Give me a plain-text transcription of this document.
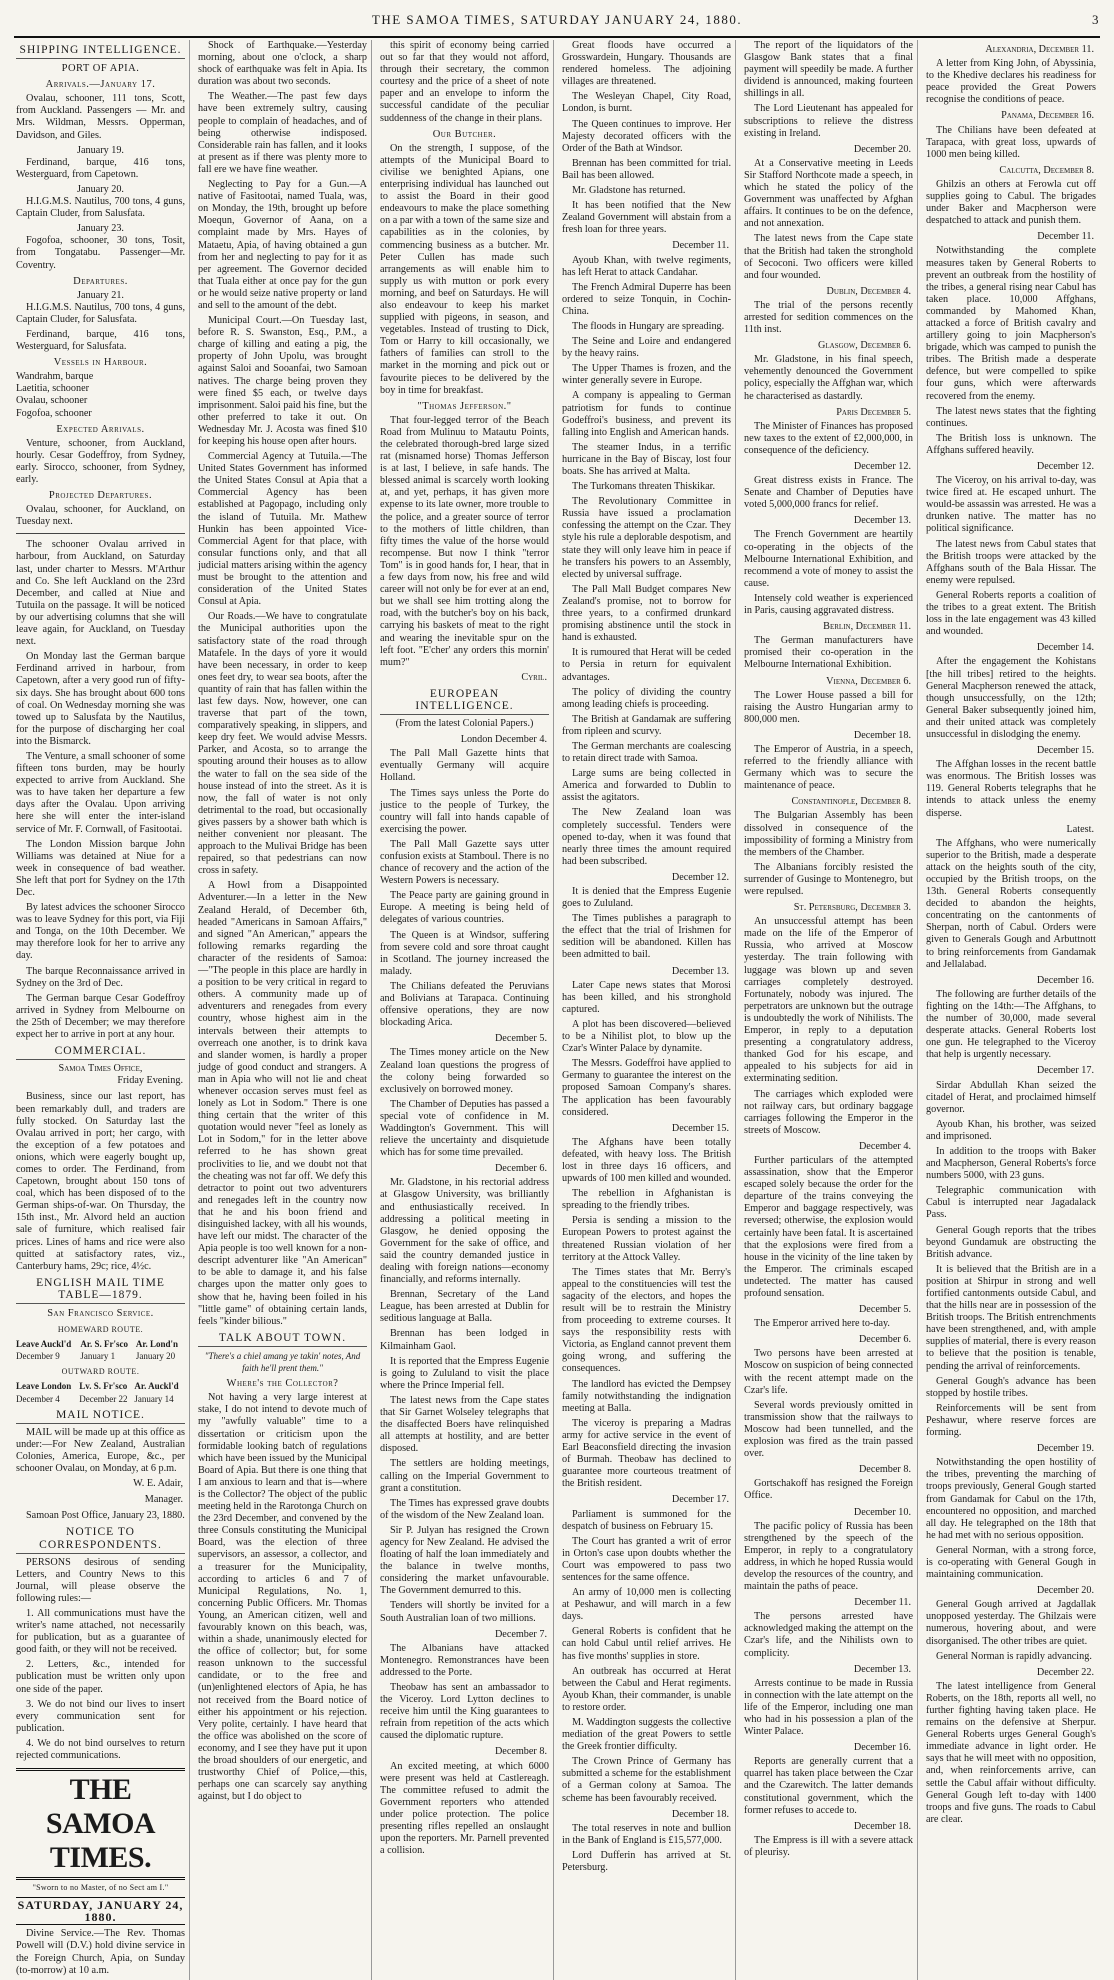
THE SAMOA TIMES, SATURDAY JANUARY 24, 1880.	3
SHIPPING INTELLIGENCE.
PORT OF APIA.
Arrivals.—January 17.

Ovalau, schooner, 111 tons, Scott, from Auckland. Passengers — Mr. and Mrs. Wildman, Messrs. Opperman, Davidson, and Giles.

January 19.

Ferdinand, barque, 416 tons, Westerguard, from Capetown.

January 20.

H.I.G.M.S. Nautilus, 700 tons, 4 guns, Captain Cluder, from Salusfata.

January 23.

Fogofoa, schooner, 30 tons, Tosit, from Tongatabu. Passenger—Mr. Coventry.

Departures.
January 21.

H.I.G.M.S. Nautilus, 700 tons, 4 guns, Captain Cluder, for Salusfata.

Ferdinand, barque, 416 tons, Westerguard, for Salusfata.

Vessels in Harbour.
Wandrahm, barque
Laetitia, schooner
Ovalau, schooner
Fogofoa, schooner
Expected Arrivals.

Venture, schooner, from Auckland, hourly. Cesar Godeffroy, from Sydney, early. Sirocco, schooner, from Sydney, early.

Projected Departures.

Ovalau, schooner, for Auckland, on Tuesday next.

The schooner Ovalau arrived in harbour, from Auckland, on Saturday last, under charter to Messrs. M'Arthur and Co. She left Auckland on the 23rd December, and called at Niue and Tutuila on the passage. It will be noticed by our advertising columns that she will leave again, for Auckland, on Tuesday next.

On Monday last the German barque Ferdinand arrived in harbour, from Capetown, after a very good run of fifty-six days. She has brought about 600 tons of coal. On Wednesday morning she was towed up to Salusfata by the Nautilus, for the purpose of discharging her coal into the Bismarck.

The Venture, a small schooner of some fifteen tons burden, may be hourly expected to arrive from Auckland. She was to have taken her departure a few days after the Ovalau. Upon arriving here she will enter the inter-island service of Mr. F. Cornwall, of Fasitootai.

The London Mission barque John Williams was detained at Niue for a week in consequence of bad weather. She left that port for Sydney on the 17th Dec.

By latest advices the schooner Sirocco was to leave Sydney for this port, via Fiji and Tonga, on the 10th December. We may therefore look for her to arrive any day.

The barque Reconnaissance arrived in Sydney on the 3rd of Dec.

The German barque Cesar Godeffroy arrived in Sydney from Melbourne on the 25th of December; we may therefore expect her to arrive in port at any hour.

COMMERCIAL.
Samoa Times Office,
Friday Evening.

Business, since our last report, has been remarkably dull, and traders are fully stocked. On Saturday last the Ovalau arrived in port; her cargo, with the exception of a few potatoes and onions, which were eagerly bought up, comes to order. The Ferdinand, from Capetown, brought about 150 tons of coal, which has been disposed of to the German ships-of-war. On Thursday, the 15th inst., Mr. Alvord held an auction sale of furniture, which realised fair prices. Lines of hams and rice were also quitted at satisfactory rates, viz., Canterbury hams, 29c; rice, 4½c.

ENGLISH MAIL TIME TABLE—1879.
San Francisco Service.
HOMEWARD ROUTE.
Leave Auckl'd	Ar. S. Fr'sco	Ar. Lond'n
December 9	January 1	January 20
OUTWARD ROUTE.
Leave London	Lv. S. Fr'sco	Ar. Auckl'd
December 4	December 22	January 14
MAIL NOTICE.

MAIL will be made up at this office as under:—For New Zealand, Australian Colonies, America, Europe, &c., per schooner Ovalau, on Monday, at 6 p.m.

W. E. Adair,
Manager.

Samoan Post Office, January 23, 1880.

NOTICE TO CORRESPONDENTS.

PERSONS desirous of sending Letters, and Country News to this Journal, will please observe the following rules:—

1. All communications must have the writer's name attached, not necessarily for publication, but as a guarantee of good faith, or they will not be received.

2. Letters, &c., intended for publication must be written only upon one side of the paper.

3. We do not bind our lives to insert every communication sent for publication.

4. We do not bind ourselves to return rejected communications.

THE SAMOA TIMES.
"Sworn to no Master, of no Sect am I."
SATURDAY, JANUARY 24, 1880.

Divine Service.—The Rev. Thomas Powell will (D.V.) hold divine service in the Foreign Church, Apia, on Sunday (to-morrow) at 10 a.m.

Shock of Earthquake.—Yesterday morning, about one o'clock, a sharp shock of earthquake was felt in Apia. Its duration was about two seconds.

The Weather.—The past few days have been extremely sultry, causing people to complain of headaches, and of being otherwise indisposed. Considerable rain has fallen, and it looks at present as if there was plenty more to fall ere we have fine weather.

Neglecting to Pay for a Gun.—A native of Fasitootai, named Tuala, was, on Monday, the 19th, brought up before Moequn, Governor of Aana, on a complaint made by Mrs. Hayes of Mataetu, Apia, of having obtained a gun from her and neglecting to pay for it as per agreement. The Governor decided that Tuala either at once pay for the gun or he would seize native property or land and sell to the amount of the debt.

Municipal Court.—On Tuesday last, before R. S. Swanston, Esq., P.M., a charge of killing and eating a pig, the property of John Upolu, was brought against Saloi and Sooanfai, two Samoan natives. The charge being proven they were fined $5 each, or twelve days imprisonment. Saloi paid his fine, but the other preferred to take it out. On Wednesday Mr. J. Acosta was fined $10 for keeping his house open after hours.

Commercial Agency at Tutuila.—The United States Government has informed the United States Consul at Apia that a Commercial Agency has been established at Pagopago, including only the island of Tutuila. Mr. Mathew Hunkin has been appointed Vice-Commercial Agent for that place, with consular functions only, and that all judicial matters arising within the agency must be brought to the attention and consideration of the United States Consul at Apia.

Our Roads.—We have to congratulate the Municipal authorities upon the satisfactory state of the road through Matafele. In the days of yore it would have been necessary, in order to keep ones feet dry, to wear sea boots, after the quantity of rain that has fallen within the last few days. Now, however, one can traverse that part of the town, comparatively speaking, in slippers, and keep dry feet. We would advise Messrs. Parker, and Acosta, so to arrange the spouting around their houses as to allow the water to fall on the sea side of the house instead of into the street. As it is now, the fall of water is not only detrimental to the road, but occasionally gives passers by a shower bath which is neither convenient nor pleasant. The approach to the Mulivai Bridge has been repaired, so that pedestrians can now cross in safety.

A Howl from a Disappointed Adventurer.—In a letter in the New Zealand Herald, of December 6th, headed "Americans in Samoan Affairs," and signed "An American," appears the following remarks regarding the character of the residents of Samoa:—"The people in this place are hardly in a position to be very critical in regard to others. A community made up of adventurers and renegades from every country, whose highest aim in the intervals between their attempts to overreach one another, is to drink kava and slander women, is hardly a proper judge of good conduct and strangers. A man in Apia who will not lie and cheat whenever occasion serves must feel as lonely as Lot in Sodom." There is one thing certain that the writer of this quotation would never "feel as lonely as Lot in Sodom," for in the letter above referred to he has shown great proclivities to lie, and we doubt not that the cheating was not far off. We defy this detractor to point out two adventurers and renegades left in the country now that he and his boon friend and disinguished lackey, with all his wounds, have left our midst. The character of the Apia people is too well known for a non-descript adventurer like "An American" to be able to damage it, and his false charges upon the matter only goes to show that he, having been foiled in his "little game" of obtaining certain lands, feels "kinder bilious."

TALK ABOUT TOWN.
"There's a chiel amang ye takin' notes, And faith he'll prent them."
Where's the Collector?

Not having a very large interest at stake, I do not intend to devote much of my "awfully valuable" time to a dissertation or criticism upon the formidable looking batch of regulations which have been issued by the Municipal Board of Apia. But there is one thing that I am anxious to learn and that is—where is the Collector? The object of the public meeting held in the Rarotonga Church on the 23rd December, and convened by the three Consuls constituting the Municipal Board, was the election of three supervisors, an assessor, a collector, and a treasurer for the Municipality, according to articles 6 and 7 of Municipal Regulations, No. 1, concerning Public Officers. Mr. Thomas Young, an American citizen, well and favourably known on this beach, was, within a shade, unanimously elected for the office of collector; but, for some reason unknown to the successful candidate, or to the free and (un)enlightened electors of Apia, he has not received from the Board notice of either his appointment or his rejection. Very polite, certainly. I have heard that the office was abolished on the score of economy, and I see they have put it upon the broad shoulders of our energetic, and trustworthy Chief of Police,—this, perhaps one can scarcely say anything against, but I do object to

this spirit of economy being carried out so far that they would not afford, through their secretary, the common courtesy and the price of a sheet of note paper and an envelope to inform the successful candidate of the peculiar suddenness of the change in their plans.

Our Butcher.

On the strength, I suppose, of the attempts of the Municipal Board to civilise we benighted Apians, one enterprising individual has launched out to assist the Board in their good endeavours to make the place something on a par with a town of the same size and capabilities as in the colonies, by commencing business as a butcher. Mr. Peter Cullen has made such arrangements as will enable him to supply us with mutton or pork every morning, and beef on Saturdays. He will also endeavour to keep his market supplied with pigeons, in season, and vegetables. Instead of trusting to Dick, Tom or Harry to kill occasionally, we fathers of families can stroll to the market in the morning and pick out or favourite pieces to be delivered by the boy in time for breakfast.

"Thomas Jefferson."

That four-legged terror of the Beach Road from Mulinuu to Matautu Points, the celebrated thorough-bred large sized rat (misnamed horse) Thomas Jefferson is at last, I believe, in safe hands. The blessed animal is scarcely worth looking at, and yet, perhaps, it has given more expense to its late owner, more trouble to the police, and a greater source of terror to the mothers of little children, than fifty times the value of the horse would recompense. But now I think "terror Tom" is in good hands for, I hear, that in a few days from now, his free and wild career will not only be for ever at an end, but we shall see him trotting along the road, with the butcher's boy on his back, carrying his baskets of meat to the right and wearing the inevitable spur on the left foot. "E'cher' any orders this mornin' mum?"

Cyril.
EUROPEAN INTELLIGENCE.
(From the latest Colonial Papers.)
London December 4.

The Pall Mall Gazette hints that eventually Germany will acquire Holland.

The Times says unless the Porte do justice to the people of Turkey, the country will fall into hands capable of exercising the power.

The Pall Mall Gazette says utter confusion exists at Stamboul. There is no chance of recovery and the action of the Western Powers is necessary.

The Peace party are gaining ground in Europe. A meeting is being held of delegates of various countries.

The Queen is at Windsor, suffering from severe cold and sore throat caught in Scotland. The journey increased the malady.

The Chilians defeated the Peruvians and Bolivians at Tarapaca. Continuing offensive operations, they are now blockading Arica.

December 5.

The Times money article on the New Zealand loan questions the progress of the colony being forwarded so exclusively on borrowed money.

The Chamber of Deputies has passed a special vote of confidence in M. Waddington's Government. This will relieve the uncertainty and disquietude which has for some time prevailed.

December 6.

Mr. Gladstone, in his rectorial address at Glasgow University, was brilliantly and enthusiastically received. In addressing a political meeting in Glasgow, he denied opposing the Government for the sake of office, and said the country demanded justice in dealing with foreign nations—economy financially, and reforms internally.

Brennan, Secretary of the Land League, has been arrested at Dublin for seditious language at Balla.

Brennan has been lodged in Kilmainham Gaol.

It is reported that the Empress Eugenie is going to Zululand to visit the place where the Prince Imperial fell.

The latest news from the Cape states that Sir Garnet Wolseley telegraphs that the disaffected Boers have relinquished all attempts at hostility, and are better disposed.

The settlers are holding meetings, calling on the Imperial Government to grant a constitution.

The Times has expressed grave doubts of the wisdom of the New Zealand loan.

Sir P. Julyan has resigned the Crown agency for New Zealand. He advised the floating of half the loan immediately and the balance in twelve months, considering the market unfavourable. The Government demurred to this.

Tenders will shortly be invited for a South Australian loan of two millions.

December 7.

The Albanians have attacked Montenegro. Remonstrances have been addressed to the Porte.

Theobaw has sent an ambassador to the Viceroy. Lord Lytton declines to receive him until the King guarantees to refrain from repetition of the acts which caused the diplomatic rupture.

December 8.

An excited meeting, at which 6000 were present was held at Castlereagh. The committee refused to admit the Government reporters who attended under police protection. The police presenting rifles repelled an onslaught upon the reporters. Mr. Parnell prevented a collision.

Great floods have occurred a Grosswardein, Hungary. Thousands are rendered homeless. The adjoining villages are threatened.

The Wesleyan Chapel, City Road, London, is burnt.

The Queen continues to improve. Her Majesty decorated officers with the Order of the Bath at Windsor.

Brennan has been committed for trial. Bail has been allowed.

Mr. Gladstone has returned.

It has been notified that the New Zealand Government will abstain from a fresh loan for three years.

December 11.

Ayoub Khan, with twelve regiments, has left Herat to attack Candahar.

The French Admiral Duperre has been ordered to seize Tonquin, in Cochin-China.

The floods in Hungary are spreading.

The Seine and Loire and endangered by the heavy rains.

The Upper Thames is frozen, and the winter generally severe in Europe.

A company is appealing to German patriotism for funds to continue Godeffroi's business, and prevent its falling into English and American hands.

The steamer Indus, in a terrific hurricane in the Bay of Biscay, lost four boats. She has arrived at Malta.

The Turkomans threaten Thiskikar.

The Revolutionary Committee in Russia have issued a proclamation confessing the attempt on the Czar. They style his rule a deplorable despotism, and state they will only leave him in peace if he transfers his powers to an Assembly, elected by universal suffrage.

The Pall Mall Budget compares New Zealand's promise, not to borrow for three years, to a confirmed drunkard promising abstinence until the stock in hand is exhausted.

It is rumoured that Herat will be ceded to Persia in return for equivalent advantages.

The policy of dividing the country among leading chiefs is proceeding.

The British at Gandamak are suffering from ripleen and scurvy.

The German merchants are coalescing to retain direct trade with Samoa.

Large sums are being collected in America and forwarded to Dublin to assist the agitators.

The New Zealand loan was completely successful. Tenders were opened to-day, when it was found that nearly three times the amount required had been subscribed.

December 12.

It is denied that the Empress Eugenie goes to Zululand.

The Times publishes a paragraph to the effect that the trial of Irishmen for sedition will be abandoned. Killen has been admitted to bail.

December 13.

Later Cape news states that Morosi has been killed, and his stronghold captured.

A plot has been discovered—believed to be a Nihilist plot, to blow up the Czar's Winter Palace by dynamite.

The Messrs. Godeffroi have applied to Germany to guarantee the interest on the proposed Samoan Company's shares. The application has been favourably considered.

December 15.

The Afghans have been totally defeated, with heavy loss. The British lost in three days 16 officers, and upwards of 100 men killed and wounded.

The rebellion in Afghanistan is spreading to the friendly tribes.

Persia is sending a mission to the European Powers to protest against the threatened Russian violation of her territory at the Attock Valley.

The Times states that Mr. Berry's appeal to the constituencies will test the sagacity of the electors, and hopes the result will be to restrain the Ministry from proceeding to extreme courses. It says the responsibility rests with Victoria, as England cannot prevent them going wrong, and suffering the consequences.

The landlord has evicted the Dempsey family notwithstanding the indignation meeting at Balla.

The viceroy is preparing a Madras army for active service in the event of Earl Beaconsfield directing the invasion of Burmah. Theobaw has declined to guarantee more courteous treatment of the British resident.

December 17.

Parliament is summoned for the despatch of business on February 15.

The Court has granted a writ of error in Orton's case upon doubts whether the Court was empowered to pass two sentences for the same offence.

An army of 10,000 men is collecting at Peshawur, and will march in a few days.

General Roberts is confident that he can hold Cabul until relief arrives. He has five months' supplies in store.

An outbreak has occurred at Herat between the Cabul and Herat regiments. Ayoub Khan, their commander, is unable to restore order.

M. Waddington suggests the collective mediation of the great Powers to settle the Greek frontier difficulty.

The Crown Prince of Germany has submitted a scheme for the establishment of a German colony at Samoa. The scheme has been favourably received.

December 18.

The total reserves in note and bullion in the Bank of England is £15,577,000.

Lord Dufferin has arrived at St. Petersburg.

The report of the liquidators of the Glasgow Bank states that a final payment will speedily be made. A further dividend is announced, making fourteen shillings in all.

The Lord Lieutenant has appealed for subscriptions to relieve the distress existing in Ireland.

December 20.

At a Conservative meeting in Leeds Sir Stafford Northcote made a speech, in which he stated the policy of the Government was unaffected by Afghan affairs. It continues to be on the defence, and not annexation.

The latest news from the Cape state that the British had taken the stronghold of Secoconi. Two officers were killed and four wounded.

Dublin, December 4.

The trial of the persons recently arrested for sedition commences on the 11th inst.

Glasgow, December 6.

Mr. Gladstone, in his final speech, vehemently denounced the Government policy, especially the Affghan war, which he characterised as dastardly.

Paris December 5.

The Minister of Finances has proposed new taxes to the extent of £2,000,000, in consequence of the deficiency.

December 12.

Great distress exists in France. The Senate and Chamber of Deputies have voted 5,000,000 francs for relief.

December 13.

The French Government are heartily co-operating in the objects of the Melbourne International Exhibition, and recommend a vote of money to assist the cause.

Intensely cold weather is experienced in Paris, causing aggravated distress.

Berlin, December 11.

The German manufacturers have promised their co-operation in the Melbourne International Exhibition.

Vienna, December 6.

The Lower House passed a bill for raising the Austro Hungarian army to 800,000 men.

December 18.

The Emperor of Austria, in a speech, referred to the friendly alliance with Germany which was to secure the maintenance of peace.

Constantinople, December 8.

The Bulgarian Assembly has been dissolved in consequence of the impossibility of forming a Ministry from the members of the Chamber.

The Albanians forcibly resisted the surrender of Gusinge to Montenegro, but were repulsed.

St. Petersburg, December 3.

An unsuccessful attempt has been made on the life of the Emperor of Russia, who arrived at Moscow yesterday. The train following with luggage was blown up and seven carriages completely destroyed. Fortunately, nobody was injured. The perpetrators are unknown but the outrage is undoubtedly the work of Nihilists. The Emperor, in reply to a deputation presenting a congratulatory address, thanked God for his escape, and appealed to his subjects for aid in exterminating sedition.

The carriages which exploded were not railway cars, but ordinary baggage carriages following the Emperor in the streets of Moscow.

December 4.

Further particulars of the attempted assassination, show that the Emperor escaped solely because the order for the departure of the trains conveying the Emperor and baggage respectively, was reversed; otherwise, the explosion would certainly have been fatal. It is ascertained that the explosions were fired from a house in the vicinity of the line taken by the Emperor. The criminals escaped undetected. The matter has caused profound sensation.

December 5.

The Emperor arrived here to-day.

December 6.

Two persons have been arrested at Moscow on suspicion of being connected with the recent attempt made on the Czar's life.

Several words previously omitted in transmission show that the railways to Moscow had been tunnelled, and the explosion was fired as the train passed over.

December 8.

Gortschakoff has resigned the Foreign Office.

December 10.

The pacific policy of Russia has been strengthened by the speech of the Emperor, in reply to a congratulatory address, in which he hoped Russia would develop the resources of the country, and maintain the paths of peace.

December 11.

The persons arrested have acknowledged making the attempt on the Czar's life, and the Nihilists own to complicity.

December 13.

Arrests continue to be made in Russia in connection with the late attempt on the life of the Emperor, including one man who had in his possession a plan of the Winter Palace.

December 16.

Reports are generally current that a quarrel has taken place between the Czar and the Czarewitch. The latter demands constitutional government, which the former refuses to accede to.

December 18.

The Empress is ill with a severe attack of pleurisy.

Alexandria, December 11.

A letter from King John, of Abyssinia, to the Khedive declares his readiness for peace provided the Great Powers recognise the conditions of peace.

Panama, December 16.

The Chilians have been defeated at Tarapaca, with great loss, upwards of 1000 men being killed.

Calcutta, December 8.

Ghilzis an others at Ferowla cut off supplies going to Cabul. The brigades under Baker and Macpherson were despatched to attack and punish them.

December 11.

Notwithstanding the complete measures taken by General Roberts to prevent an outbreak from the hostility of the tribes, a general rising near Cabul has taken place. 10,000 Affghans, commanded by Mahomed Khan, attacked a force of British cavalry and artillery going to join Macpherson's brigade, which was camped to punish the tribes. The British made a desperate defence, but were compelled to spike four guns, which were afterwards recovered from the enemy.

The latest news states that the fighting continues.

The British loss is unknown. The Affghans suffered heavily.

December 12.

The Viceroy, on his arrival to-day, was twice fired at. He escaped unhurt. The would-be assassin was arrested. He was a drunken native. The matter has no political significance.

The latest news from Cabul states that the British troops were attacked by the Affghans south of the Bala Hissar. The enemy were repulsed.

General Roberts reports a coalition of the tribes to a great extent. The British loss in the late engagement was 43 killed and wounded.

December 14.

After the engagement the Kohistans [the hill tribes] retired to the heights. General Macpherson renewed the attack, though unsuccessfully, on the 12th; General Baker subsequently joined him, and their united attack was completely unsuccessful in dislodging the enemy.

December 15.

The Affghan losses in the recent battle was enormous. The British losses was 119. General Roberts telegraphs that he intends to attack unless the enemy disperse.

Latest.

The Affghans, who were numerically superior to the British, made a desperate attack on the heights south of the city, occupied by the British troops, on the 13th. General Roberts consequently decided to abandon the heights, concentrating on the cantonments of Sherpan, north of Cabul. Orders were given to Generals Gough and Arbuttnott to bring reinforcements from Gandamak and Jellalabad.

December 16.

The following are further details of the fighting on the 14th:—The Affghans, to the number of 30,000, made several desperate attacks. General Roberts lost one gun. He telegraphed to the Viceroy that help is urgently necessary.

December 17.

Sirdar Abdullah Khan seized the citadel of Herat, and proclaimed himself governor.

Ayoub Khan, his brother, was seized and imprisoned.

In addition to the troops with Baker and Macpherson, General Roberts's force numbers 5000, with 23 guns.

Telegraphic communication with Cabul is interrupted near Jagadalack Pass.

General Gough reports that the tribes beyond Gundamuk are obstructing the British advance.

It is believed that the British are in a position at Shirpur in strong and well fortified cantonments outside Cabul, and that the hills near are in possession of the British troops. The British entrenchments have been strengthened, and, with ample supplies of material, there is every reason to believe that the position is tenable, pending the arrival of reinforcements.

General Gough's advance has been stopped by hostile tribes.

Reinforcements will be sent from Peshawur, where reserve forces are forming.

December 19.

Notwithstanding the open hostility of the tribes, preventing the marching of troops previously, General Gough started from Gandamak for Cabul on the 17th, encountered no opposition, and marched all day. He telegraphed on the 18th that he had met with no serious opposition.

General Norman, with a strong force, is co-operating with General Gough in maintaining communication.

December 20.

General Gough arrived at Jagdallak unopposed yesterday. The Ghilzais were numerous, hovering about, and were disorganised. The other tribes are quiet.

General Norman is rapidly advancing.

December 22.

The latest intelligence from General Roberts, on the 18th, reports all well, no further fighting having taken place. He remains on the defensive at Sherpur. General Roberts urges General Gough's immediate advance in light order. He says that he will meet with no opposition, and, when reinforcements arrive, can settle the Cabul affair without difficulty. General Gough left to-day with 1400 troops and five guns. The roads to Cabul are clear.
